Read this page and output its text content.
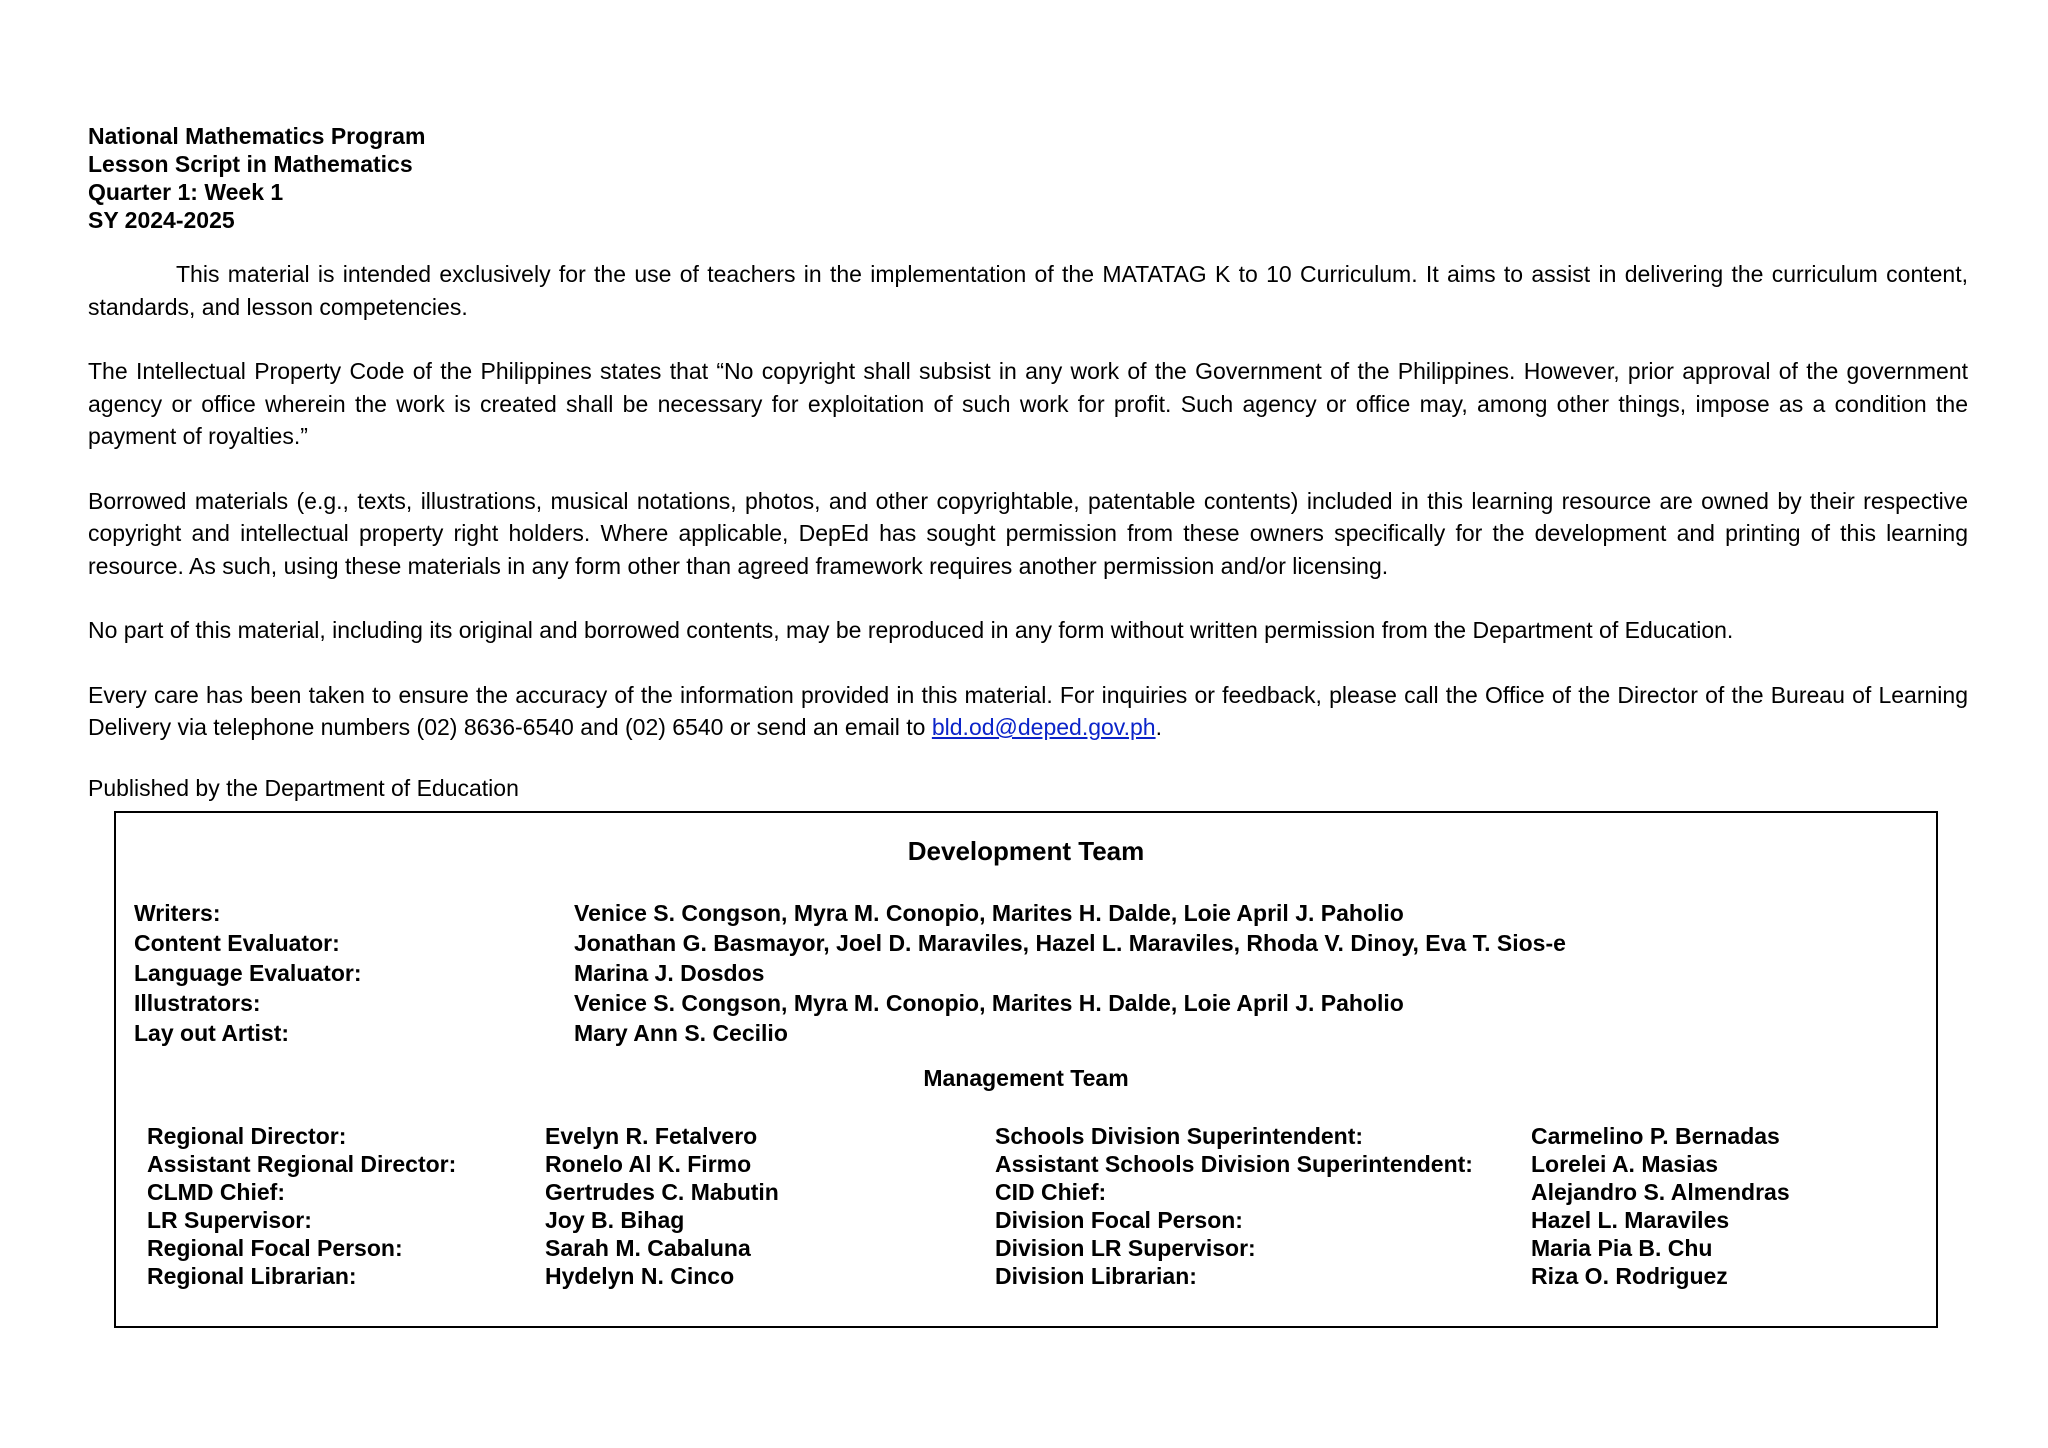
National Mathematics Program

Lesson Script in Mathematics

Quarter 1: Week 1

SY 2024-2025

This material is intended exclusively for the use of teachers in the implementation of the MATATAG K to 10 Curriculum. It aims to assist in delivering the curriculum content, standards, and lesson competencies.

The Intellectual Property Code of the Philippines states that “No copyright shall subsist in any work of the Government of the Philippines. However, prior approval of the government agency or office wherein the work is created shall be necessary for exploitation of such work for profit. Such agency or office may, among other things, impose as a condition the payment of royalties.”

Borrowed materials (e.g., texts, illustrations, musical notations, photos, and other copyrightable, patentable contents) included in this learning resource are owned by their respective copyright and intellectual property right holders. Where applicable, DepEd has sought permission from these owners specifically for the development and printing of this learning resource. As such, using these materials in any form other than agreed framework requires another permission and/or licensing.

No part of this material, including its original and borrowed contents, may be reproduced in any form without written permission from the Department of Education.

Every care has been taken to ensure the accuracy of the information provided in this material. For inquiries or feedback, please call the Office of the Director of the Bureau of Learning Delivery via telephone numbers (02) 8636-6540 and (02) 6540 or send an email to bld.od@deped.gov.ph.

Published by the Department of Education

Development Team
Writers:	Venice S. Congson, Myra M. Conopio, Marites H. Dalde, Loie April J. Paholio
Content Evaluator:	Jonathan G. Basmayor, Joel D. Maraviles, Hazel L. Maraviles, Rhoda V. Dinoy, Eva T. Sios-e
Language Evaluator:	Marina J. Dosdos
Illustrators:	Venice S. Congson, Myra M. Conopio, Marites H. Dalde, Loie April J. Paholio
Lay out Artist:	Mary Ann S. Cecilio
Management Team
Regional Director:	Evelyn R. Fetalvero	Schools Division Superintendent:	Carmelino P. Bernadas
Assistant Regional Director:	Ronelo Al K. Firmo	Assistant Schools Division Superintendent:	Lorelei A. Masias
CLMD Chief:	Gertrudes C. Mabutin	CID Chief:	Alejandro S. Almendras
LR Supervisor:	Joy B. Bihag	Division Focal Person:	Hazel L. Maraviles
Regional Focal Person:	Sarah M. Cabaluna	Division LR Supervisor:	Maria Pia B. Chu
Regional Librarian:	Hydelyn N. Cinco	Division Librarian:	Riza O. Rodriguez
